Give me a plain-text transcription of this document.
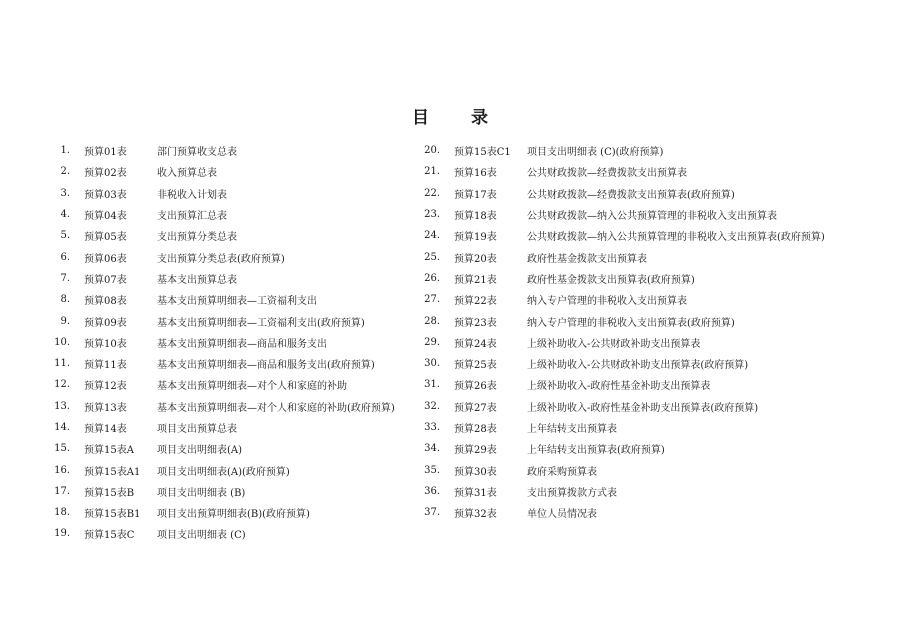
目 录
1. 预算01表	部门预算收支总表
2. 预算02表	收入预算总表
3. 预算03表	非税收入计划表
4. 预算04表	支出预算汇总表
5. 预算05表	支出预算分类总表
6. 预算06表	支出预算分类总表(政府预算)
7. 预算07表	基本支出预算总表
8. 预算08表	基本支出预算明细表—工资福利支出
9. 预算09表	基本支出预算明细表—工资福利支出(政府预算)
10. 预算10表	基本支出预算明细表—商品和服务支出
11. 预算11表	基本支出预算明细表—商品和服务支出(政府预算)
12. 预算12表	基本支出预算明细表—对个人和家庭的补助
13. 预算13表	基本支出预算明细表—对个人和家庭的补助(政府预算)
14. 预算14表	项目支出预算总表
15. 预算15表A	项目支出明细表(A)
16. 预算15表A1	项目支出明细表(A)(政府预算)
17. 预算15表B	项目支出明细表 (B)
18. 预算15表B1	项目支出预算明细表(B)(政府预算)
19. 预算15表C	项目支出明细表 (C)
20. 预算15表C1	项目支出明细表 (C)(政府预算)
21. 预算16表	公共财政拨款—经费拨款支出预算表
22. 预算17表	公共财政拨款—经费拨款支出预算表(政府预算)
23. 预算18表	公共财政拨款—纳入公共预算管理的非税收入支出预算表
24. 预算19表	公共财政拨款—纳入公共预算管理的非税收入支出预算表(政府预算)
25. 预算20表	政府性基金拨款支出预算表
26. 预算21表	政府性基金拨款支出预算表(政府预算)
27. 预算22表	纳入专户管理的非税收入支出预算表
28. 预算23表	纳入专户管理的非税收入支出预算表(政府预算)
29. 预算24表	上级补助收入-公共财政补助支出预算表
30. 预算25表	上级补助收入-公共财政补助支出预算表(政府预算)
31. 预算26表	上级补助收入-政府性基金补助支出预算表
32. 预算27表	上级补助收入-政府性基金补助支出预算表(政府预算)
33. 预算28表	上年结转支出预算表
34. 预算29表	上年结转支出预算表(政府预算)
35. 预算30表	政府采购预算表
36. 预算31表	支出预算拨款方式表
37. 预算32表	单位人员情况表
